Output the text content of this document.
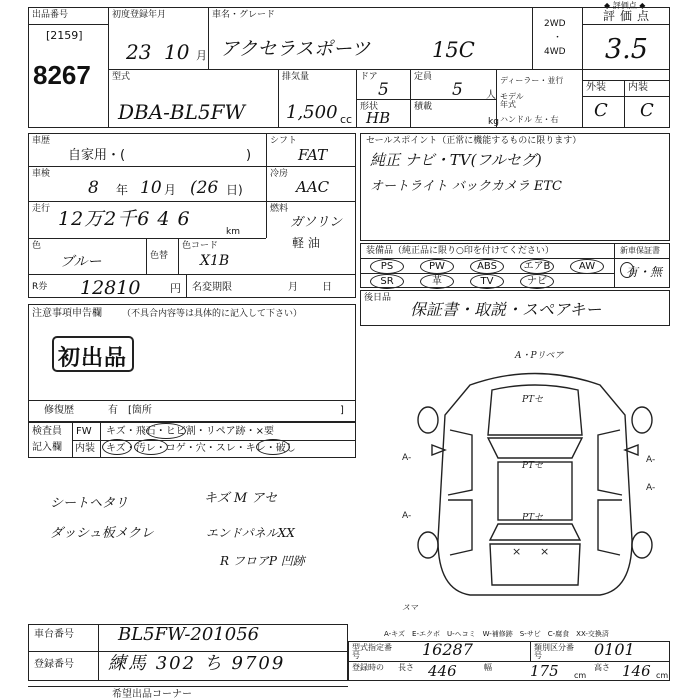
◆ 評価点 ◆
出品番号
[2159]
8267
初度登録年月
23 10 月
車名・グレード
アクセラスポーツ	15C
2WD
・
4WD
評価点
3.5
型式
DBA-BL5FW
排気量
1,500 cc
ドア
5
定員
5 人
形状
HB
積載
kg
ディーラー・並行
モデル年式
ハンドル 左・右
外装 内装
C C
車歴
自家用・(	)
シフト
FAT
車検
8 年 10 月 (26 日)
冷房
AAC
走行 12万2千6 4 6
km
燃料
ガソリン
軽 油
色
ブルー	色替
色コード
X1B
セールスポイント（正常に機能するものに限ります）
純正 ナビ・TV(フルセグ)
オートライト バックカメラ ETC
装備品（純正品に限り○印を付けてください）	新車保証書
PS	PW	ABS	エアB	AW
SR	革	TV	ナビ
有・無
R券 12810	円 名変期限	月 日
後日品
保証書・取説・スペアキー
注意事項申告欄 （不具合内容等は具体的に記入して下さい）
初出品
修復歴	有 [箇所	]
検査員
記入欄
FW キズ・飛石・ヒビ割・リペア跡・×要
内装 キズ・汚レ・コゲ・穴・スレ・キレ・破し
シートヘタリ
ダッシュ板メクレ
キズ M アセ
エンドパネルXX
R フロアP 凹跡
A・Pリペア
PTセ
PTセ
PTセ
A-
A-
A-
A-
スマ
× ×
A-キズ　E-エクボ　U-ヘコミ　W-補修跡　S-サビ　C-腐食　XX-交換済
車台番号 BL5FW-201056
登録番号 練馬 302 ち 9709
型式指定番号	16287	類別区分番号	0101
登録時の	長さ 446	幅	175 cm
高さ 146 cm
希望出品コーナー
